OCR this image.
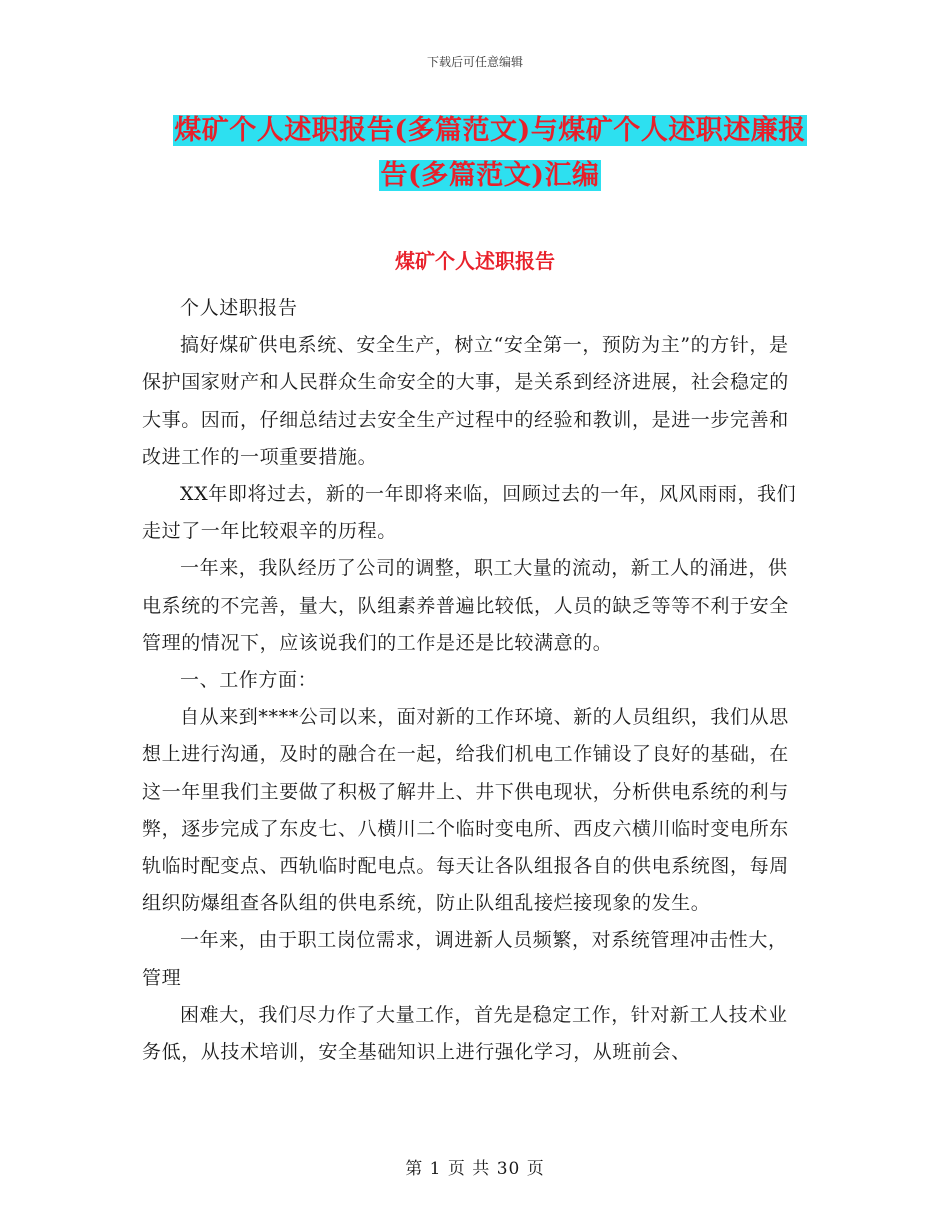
下载后可任意编辑
煤矿个人述职报告(多篇范文)与煤矿个人述职述廉报
告(多篇范文)汇编
煤矿个人述职报告

个人述职报告

搞好煤矿供电系统、安全生产，树立“安全第一，预防为主”的方针，是保护国家财产和人民群众生命安全的大事，是关系到经济进展，社会稳定的大事。因而，仔细总结过去安全生产过程中的经验和教训，是进一步完善和改进工作的一项重要措施。

XX年即将过去，新的一年即将来临，回顾过去的一年，风风雨雨，我们走过了一年比较艰辛的历程。

一年来，我队经历了公司的调整，职工大量的流动，新工人的涌进，供电系统的不完善，量大，队组素养普遍比较低，人员的缺乏等等不利于安全管理的情况下，应该说我们的工作是还是比较满意的。

一、工作方面：

自从来到****公司以来，面对新的工作环境、新的人员组织，我们从思想上进行沟通，及时的融合在一起，给我们机电工作铺设了良好的基础，在这一年里我们主要做了积极了解井上、井下供电现状，分析供电系统的利与弊，逐步完成了东皮七、八横川二个临时变电所、西皮六横川临时变电所东轨临时配变点、西轨临时配电点。每天让各队组报各自的供电系统图，每周组织防爆组查各队组的供电系统，防止队组乱接烂接现象的发生。

一年来，由于职工岗位需求，调进新人员频繁，对系统管理冲击性大，管理

困难大，我们尽力作了大量工作，首先是稳定工作，针对新工人技术业务低，从技术培训，安全基础知识上进行强化学习，从班前会、

第 1 页 共 30 页
